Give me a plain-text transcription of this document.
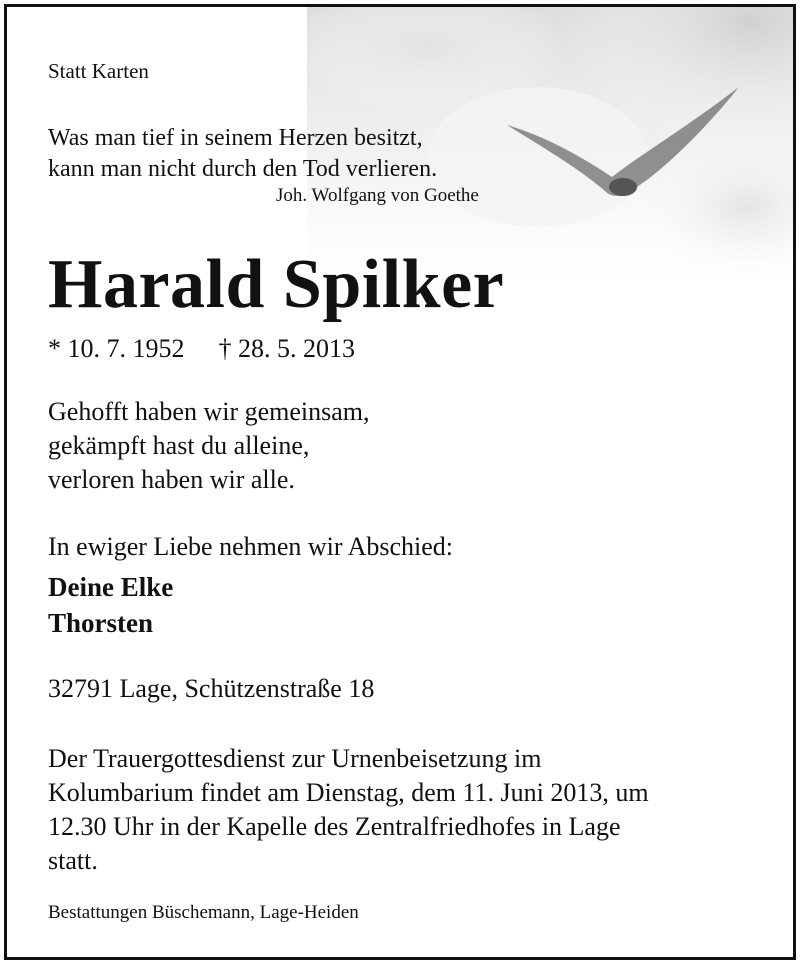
Statt Karten
Was man tief in seinem Herzen besitzt,
kann man nicht durch den Tod verlieren.
Joh. Wolfgang von Goethe
Harald Spilker
* 10. 7. 1952 † 28. 5. 2013
Gehofft haben wir gemeinsam,
gekämpft hast du alleine,
verloren haben wir alle.
In ewiger Liebe nehmen wir Abschied:
Deine Elke
Thorsten
32791 Lage, Schützenstraße 18
Der Trauergottesdienst zur Urnenbeisetzung im
Kolumbarium findet am Dienstag, dem 11. Juni 2013, um
12.30 Uhr in der Kapelle des Zentralfriedhofes in Lage
statt.
Bestattungen Büschemann, Lage-Heiden
